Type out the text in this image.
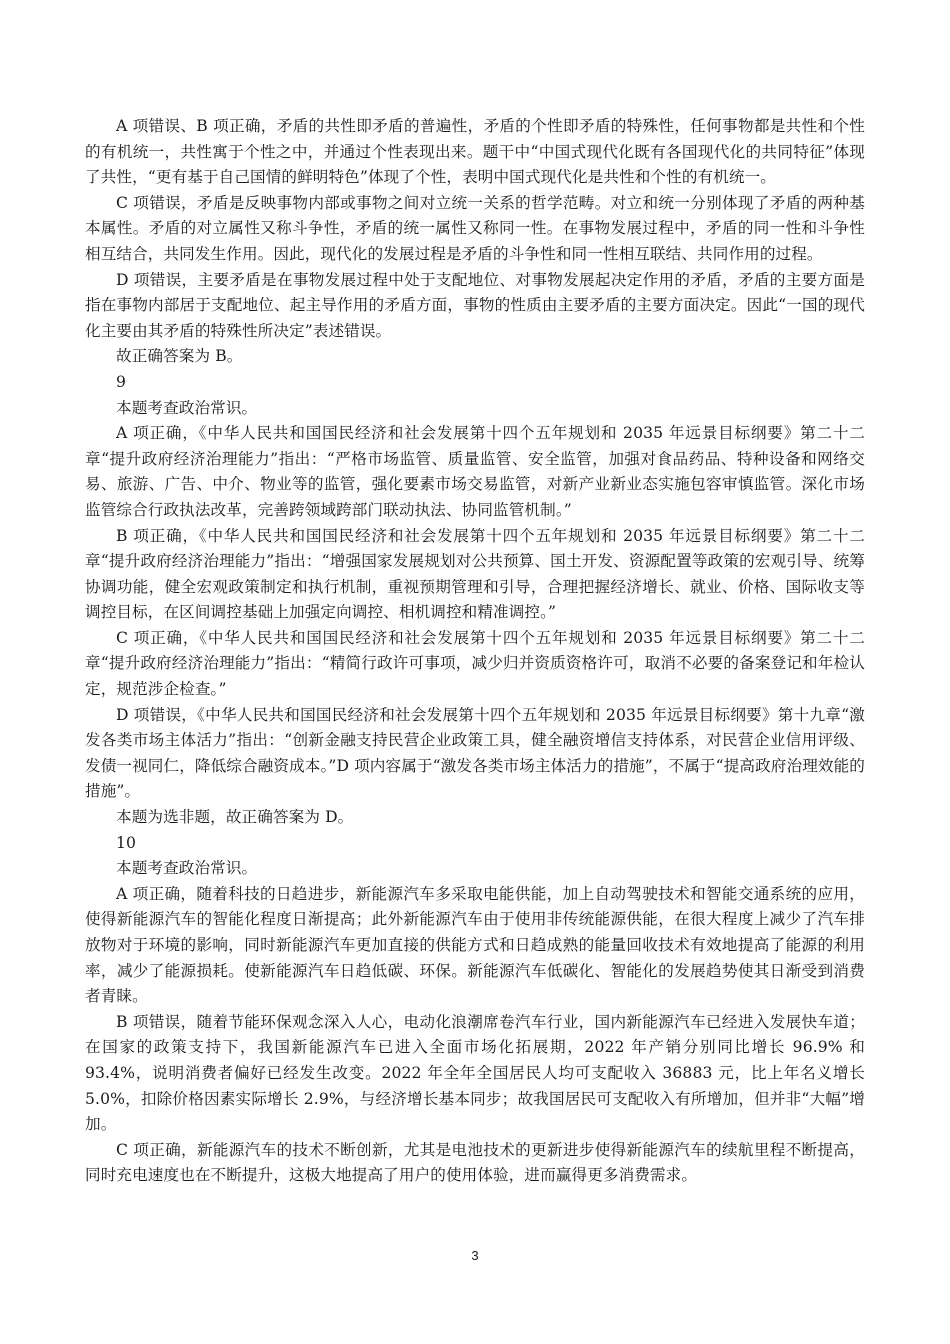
A 项错误、B 项正确，矛盾的共性即矛盾的普遍性，矛盾的个性即矛盾的特殊性，任何事物都是共性和个性的有机统一，共性寓于个性之中，并通过个性表现出来。题干中“中国式现代化既有各国现代化的共同特征”体现了共性，“更有基于自己国情的鲜明特色”体现了个性，表明中国式现代化是共性和个性的有机统一。

C 项错误，矛盾是反映事物内部或事物之间对立统一关系的哲学范畴。对立和统一分别体现了矛盾的两种基本属性。矛盾的对立属性又称斗争性，矛盾的统一属性又称同一性。在事物发展过程中，矛盾的同一性和斗争性相互结合，共同发生作用。因此，现代化的发展过程是矛盾的斗争性和同一性相互联结、共同作用的过程。

D 项错误，主要矛盾是在事物发展过程中处于支配地位、对事物发展起决定作用的矛盾，矛盾的主要方面是指在事物内部居于支配地位、起主导作用的矛盾方面，事物的性质由主要矛盾的主要方面决定。因此“一国的现代化主要由其矛盾的特殊性所决定”表述错误。

故正确答案为 B。

9

本题考查政治常识。

A 项正确，《中华人民共和国国民经济和社会发展第十四个五年规划和 2035 年远景目标纲要》第二十二章“提升政府经济治理能力”指出：“严格市场监管、质量监管、安全监管，加强对食品药品、特种设备和网络交易、旅游、广告、中介、物业等的监管，强化要素市场交易监管，对新产业新业态实施包容审慎监管。深化市场监管综合行政执法改革，完善跨领域跨部门联动执法、协同监管机制。”

B 项正确，《中华人民共和国国民经济和社会发展第十四个五年规划和 2035 年远景目标纲要》第二十二章“提升政府经济治理能力”指出：“增强国家发展规划对公共预算、国土开发、资源配置等政策的宏观引导、统筹协调功能，健全宏观政策制定和执行机制，重视预期管理和引导，合理把握经济增长、就业、价格、国际收支等调控目标，在区间调控基础上加强定向调控、相机调控和精准调控。”

C 项正确，《中华人民共和国国民经济和社会发展第十四个五年规划和 2035 年远景目标纲要》第二十二章“提升政府经济治理能力”指出：“精简行政许可事项，减少归并资质资格许可，取消不必要的备案登记和年检认定，规范涉企检查。”

D 项错误，《中华人民共和国国民经济和社会发展第十四个五年规划和 2035 年远景目标纲要》第十九章“激发各类市场主体活力”指出：“创新金融支持民营企业政策工具，健全融资增信支持体系，对民营企业信用评级、发债一视同仁，降低综合融资成本。”D 项内容属于“激发各类市场主体活力的措施”，不属于“提高政府治理效能的措施”。

本题为选非题，故正确答案为 D。

10

本题考查政治常识。

A 项正确，随着科技的日趋进步，新能源汽车多采取电能供能，加上自动驾驶技术和智能交通系统的应用，使得新能源汽车的智能化程度日渐提高；此外新能源汽车由于使用非传统能源供能，在很大程度上减少了汽车排放物对于环境的影响，同时新能源汽车更加直接的供能方式和日趋成熟的能量回收技术有效地提高了能源的利用率，减少了能源损耗。使新能源汽车日趋低碳、环保。新能源汽车低碳化、智能化的发展趋势使其日渐受到消费者青睐。

B 项错误，随着节能环保观念深入人心，电动化浪潮席卷汽车行业，国内新能源汽车已经进入发展快车道；在国家的政策支持下，我国新能源汽车已进入全面市场化拓展期，2022 年产销分别同比增长 96.9% 和 93.4%，说明消费者偏好已经发生改变。2022 年全年全国居民人均可支配收入 36883 元，比上年名义增长 5.0%，扣除价格因素实际增长 2.9%，与经济增长基本同步；故我国居民可支配收入有所增加，但并非“大幅”增加。

C 项正确，新能源汽车的技术不断创新，尤其是电池技术的更新进步使得新能源汽车的续航里程不断提高，同时充电速度也在不断提升，这极大地提高了用户的使用体验，进而赢得更多消费需求。

3
